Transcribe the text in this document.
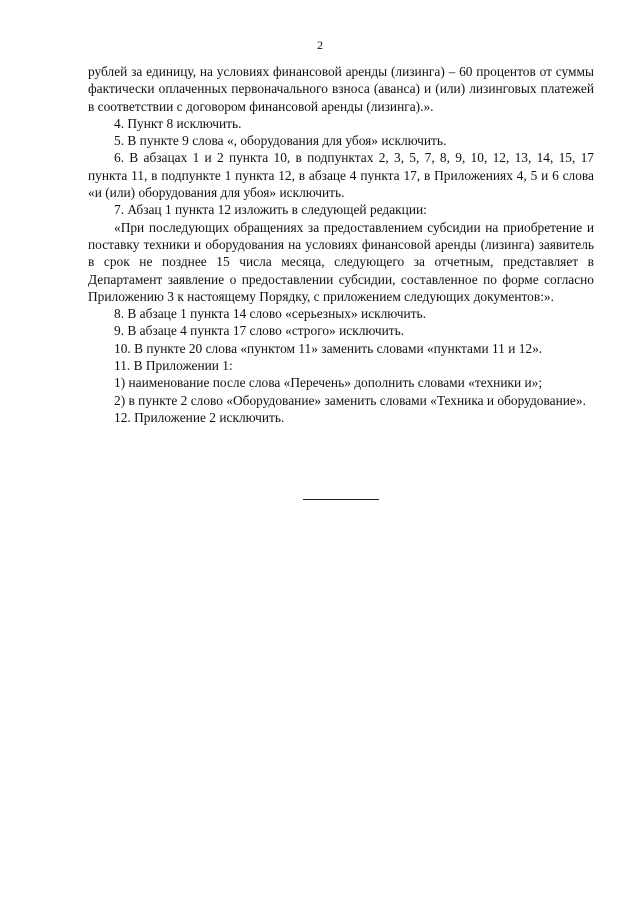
2

рублей за единицу, на условиях финансовой аренды (лизинга) – 60 процентов от суммы фактически оплаченных первоначального взноса (аванса) и (или) лизинговых платежей в соответствии с договором финансовой аренды (лизинга).».

4. Пункт 8 исключить.

5. В пункте 9 слова «, оборудования для убоя» исключить.

6. В абзацах 1 и 2 пункта 10, в подпунктах 2, 3, 5, 7, 8, 9, 10, 12, 13, 14, 15, 17 пункта 11, в подпункте 1 пункта 12, в абзаце 4 пункта 17, в Приложениях 4, 5 и 6 слова «и (или) оборудования для убоя» исключить.

7. Абзац 1 пункта 12 изложить в следующей редакции:

«При последующих обращениях за предоставлением субсидии на приобретение и поставку техники и оборудования на условиях финансовой аренды (лизинга) заявитель в срок не позднее 15 числа месяца, следующего за отчетным, представляет в Департамент заявление о предоставлении субсидии, составленное по форме согласно Приложению 3 к настоящему Порядку, с приложением следующих документов:».

8. В абзаце 1 пункта 14 слово «серьезных» исключить.

9. В абзаце 4 пункта 17 слово «строго» исключить.

10. В пункте 20 слова «пунктом 11» заменить словами «пунктами 11 и 12».

11. В Приложении 1:

1) наименование после слова «Перечень» дополнить словами «техники и»;

2) в пункте 2 слово «Оборудование» заменить словами «Техника и оборудование».

12. Приложение 2 исключить.
